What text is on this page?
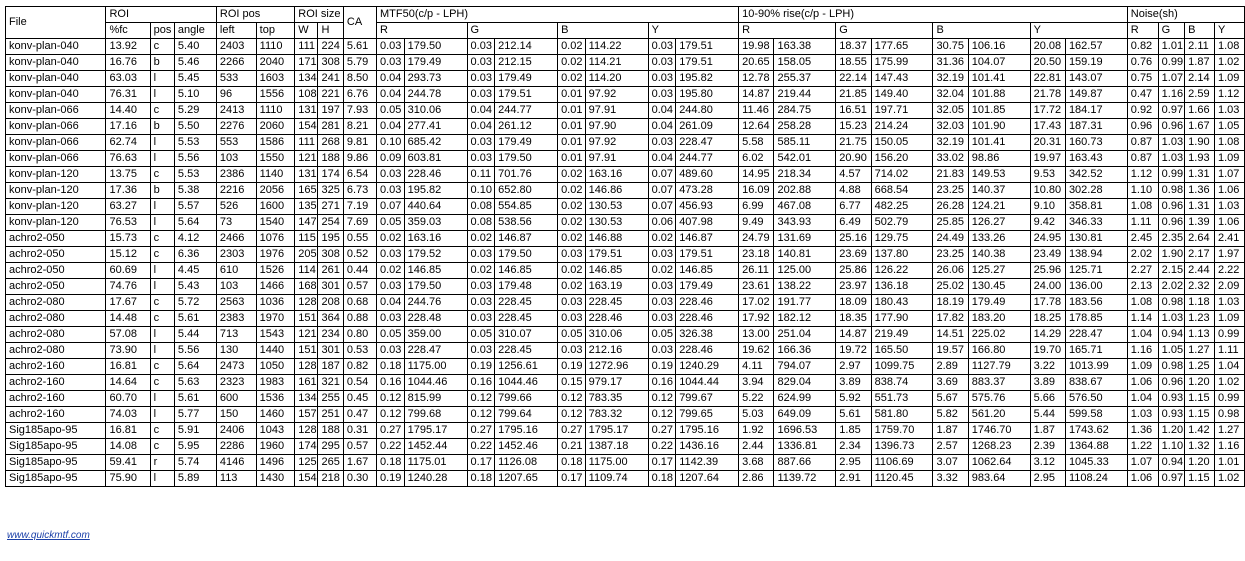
File	ROI			ROI pos		ROI size		CA	MTF50(c/p - LPH)								10-90% rise(c/p - LPH)								Noise(sh)			
	%fc	pos	angle	left	top	W	H		R		G		B		Y		R		G		B		Y		R	G	B	Y
konv-plan-040	13.92	c	5.40	2403	1110	111	224	5.61	0.03	179.50	0.03	212.14	0.02	114.22	0.03	179.51	19.98	163.38	18.37	177.65	30.75	106.16	20.08	162.57	0.82	1.01	2.11	1.08
konv-plan-040	16.76	b	5.46	2266	2040	171	308	5.79	0.03	179.49	0.03	212.15	0.02	114.21	0.03	179.51	20.65	158.05	18.55	175.99	31.36	104.07	20.50	159.19	0.76	0.99	1.87	1.02
konv-plan-040	63.03	l	5.45	533	1603	134	241	8.50	0.04	293.73	0.03	179.49	0.02	114.20	0.03	195.82	12.78	255.37	22.14	147.43	32.19	101.41	22.81	143.07	0.75	1.07	2.14	1.09
konv-plan-040	76.31	l	5.10	96	1556	108	221	6.76	0.04	244.78	0.03	179.51	0.01	97.92	0.03	195.80	14.87	219.44	21.85	149.40	32.04	101.88	21.78	149.87	0.47	1.16	2.59	1.12
konv-plan-066	14.40	c	5.29	2413	1110	131	197	7.93	0.05	310.06	0.04	244.77	0.01	97.91	0.04	244.80	11.46	284.75	16.51	197.71	32.05	101.85	17.72	184.17	0.92	0.97	1.66	1.03
konv-plan-066	17.16	b	5.50	2276	2060	154	281	8.21	0.04	277.41	0.04	261.12	0.01	97.90	0.04	261.09	12.64	258.28	15.23	214.24	32.03	101.90	17.43	187.31	0.96	0.96	1.67	1.05
konv-plan-066	62.74	l	5.53	553	1586	111	268	9.81	0.10	685.42	0.03	179.49	0.01	97.92	0.03	228.47	5.58	585.11	21.75	150.05	32.19	101.41	20.31	160.73	0.87	1.03	1.90	1.08
konv-plan-066	76.63	l	5.56	103	1550	121	188	9.86	0.09	603.81	0.03	179.50	0.01	97.91	0.04	244.77	6.02	542.01	20.90	156.20	33.02	98.86	19.97	163.43	0.87	1.03	1.93	1.09
konv-plan-120	13.75	c	5.53	2386	1140	131	174	6.54	0.03	228.46	0.11	701.76	0.02	163.16	0.07	489.60	14.95	218.34	4.57	714.02	21.83	149.53	9.53	342.52	1.12	0.99	1.31	1.07
konv-plan-120	17.36	b	5.38	2216	2056	165	325	6.73	0.03	195.82	0.10	652.80	0.02	146.86	0.07	473.28	16.09	202.88	4.88	668.54	23.25	140.37	10.80	302.28	1.10	0.98	1.36	1.06
konv-plan-120	63.27	l	5.57	526	1600	135	271	7.19	0.07	440.64	0.08	554.85	0.02	130.53	0.07	456.93	6.99	467.08	6.77	482.25	26.28	124.21	9.10	358.81	1.08	0.96	1.31	1.03
konv-plan-120	76.53	l	5.64	73	1540	147	254	7.69	0.05	359.03	0.08	538.56	0.02	130.53	0.06	407.98	9.49	343.93	6.49	502.79	25.85	126.27	9.42	346.33	1.11	0.96	1.39	1.06
achro2-050	15.73	c	4.12	2466	1076	115	195	0.55	0.02	163.16	0.02	146.87	0.02	146.88	0.02	146.87	24.79	131.69	25.16	129.75	24.49	133.26	24.95	130.81	2.45	2.35	2.64	2.41
achro2-050	15.12	c	6.36	2303	1976	205	308	0.52	0.03	179.52	0.03	179.50	0.03	179.51	0.03	179.51	23.18	140.81	23.69	137.80	23.25	140.38	23.49	138.94	2.02	1.90	2.17	1.97
achro2-050	60.69	l	4.45	610	1526	114	261	0.44	0.02	146.85	0.02	146.85	0.02	146.85	0.02	146.85	26.11	125.00	25.86	126.22	26.06	125.27	25.96	125.71	2.27	2.15	2.44	2.22
achro2-050	74.76	l	5.43	103	1466	168	301	0.57	0.03	179.50	0.03	179.48	0.02	163.19	0.03	179.49	23.61	138.22	23.97	136.18	25.02	130.45	24.00	136.00	2.13	2.02	2.32	2.09
achro2-080	17.67	c	5.72	2563	1036	128	208	0.68	0.04	244.76	0.03	228.45	0.03	228.45	0.03	228.46	17.02	191.77	18.09	180.43	18.19	179.49	17.78	183.56	1.08	0.98	1.18	1.03
achro2-080	14.48	c	5.61	2383	1970	151	364	0.88	0.03	228.48	0.03	228.45	0.03	228.46	0.03	228.46	17.92	182.12	18.35	177.90	17.82	183.20	18.25	178.85	1.14	1.03	1.23	1.09
achro2-080	57.08	l	5.44	713	1543	121	234	0.80	0.05	359.00	0.05	310.07	0.05	310.06	0.05	326.38	13.00	251.04	14.87	219.49	14.51	225.02	14.29	228.47	1.04	0.94	1.13	0.99
achro2-080	73.90	l	5.56	130	1440	151	301	0.53	0.03	228.47	0.03	228.45	0.03	212.16	0.03	228.46	19.62	166.36	19.72	165.50	19.57	166.80	19.70	165.71	1.16	1.05	1.27	1.11
achro2-160	16.81	c	5.64	2473	1050	128	187	0.82	0.18	1175.00	0.19	1256.61	0.19	1272.96	0.19	1240.29	4.11	794.07	2.97	1099.75	2.89	1127.79	3.22	1013.99	1.09	0.98	1.25	1.04
achro2-160	14.64	c	5.63	2323	1983	161	321	0.54	0.16	1044.46	0.16	1044.46	0.15	979.17	0.16	1044.44	3.94	829.04	3.89	838.74	3.69	883.37	3.89	838.67	1.06	0.96	1.20	1.02
achro2-160	60.70	l	5.61	600	1536	134	255	0.45	0.12	815.99	0.12	799.66	0.12	783.35	0.12	799.67	5.22	624.99	5.92	551.73	5.67	575.76	5.66	576.50	1.04	0.93	1.15	0.99
achro2-160	74.03	l	5.77	150	1460	157	251	0.47	0.12	799.68	0.12	799.64	0.12	783.32	0.12	799.65	5.03	649.09	5.61	581.80	5.82	561.20	5.44	599.58	1.03	0.93	1.15	0.98
Sig185apo-95	16.81	c	5.91	2406	1043	128	188	0.31	0.27	1795.17	0.27	1795.16	0.27	1795.17	0.27	1795.16	1.92	1696.53	1.85	1759.70	1.87	1746.70	1.87	1743.62	1.36	1.20	1.42	1.27
Sig185apo-95	14.08	c	5.95	2286	1960	174	295	0.57	0.22	1452.44	0.22	1452.46	0.21	1387.18	0.22	1436.16	2.44	1336.81	2.34	1396.73	2.57	1268.23	2.39	1364.88	1.22	1.10	1.32	1.16
Sig185apo-95	59.41	r	5.74	4146	1496	125	265	1.67	0.18	1175.01	0.17	1126.08	0.18	1175.00	0.17	1142.39	3.68	887.66	2.95	1106.69	3.07	1062.64	3.12	1045.33	1.07	0.94	1.20	1.01
Sig185apo-95	75.90	l	5.89	113	1430	154	218	0.30	0.19	1240.28	0.18	1207.65	0.17	1109.74	0.18	1207.64	2.86	1139.72	2.91	1120.45	3.32	983.64	2.95	1108.24	1.06	0.97	1.15	1.02
www.quickmtf.com
